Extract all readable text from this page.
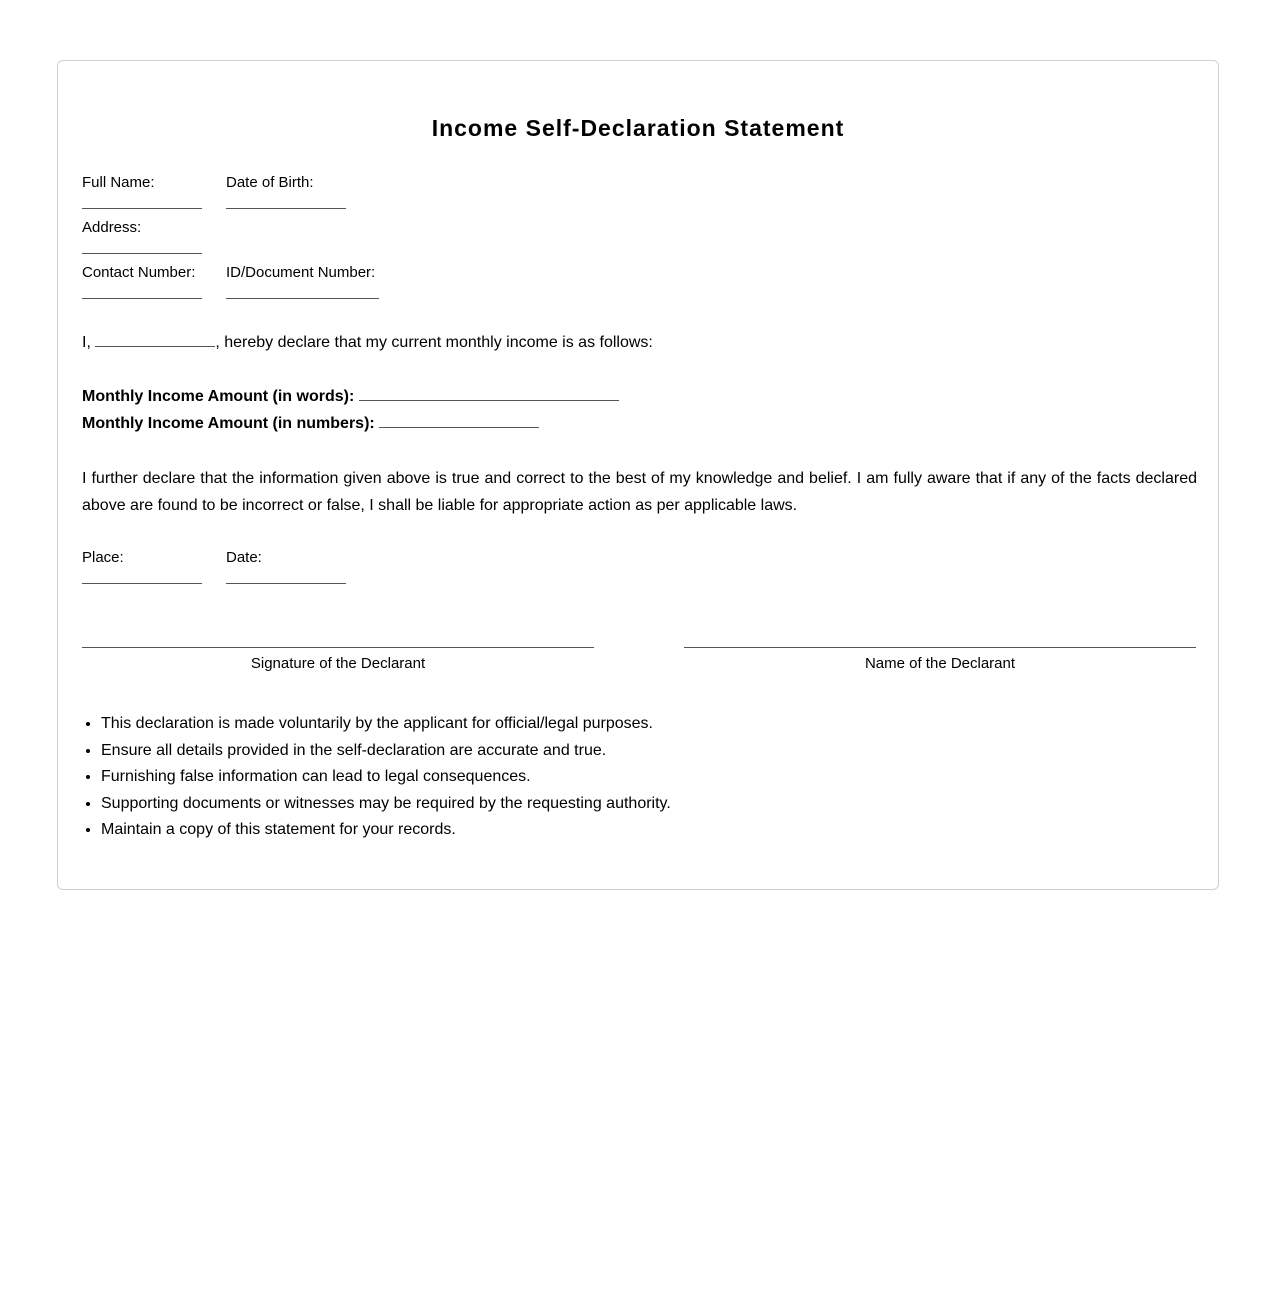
Income Self-Declaration Statement
Full Name:	Date of Birth:
Address:
Contact Number:	ID/Document Number:
I,	, hereby declare that my current monthly income is as follows:
Monthly Income Amount (in words):
Monthly Income Amount (in numbers):

I further declare that the information given above is true and correct to the best of my knowledge and belief. I am fully aware that if any of the facts declared above are found to be incorrect or false, I shall be liable for appropriate action as per applicable laws.

Place:	Date:
Signature of the Declarant	Name of the Declarant
• This declaration is made voluntarily by the applicant for official/legal purposes.
• Ensure all details provided in the self-declaration are accurate and true.
• Furnishing false information can lead to legal consequences.
• Supporting documents or witnesses may be required by the requesting authority.
• Maintain a copy of this statement for your records.
